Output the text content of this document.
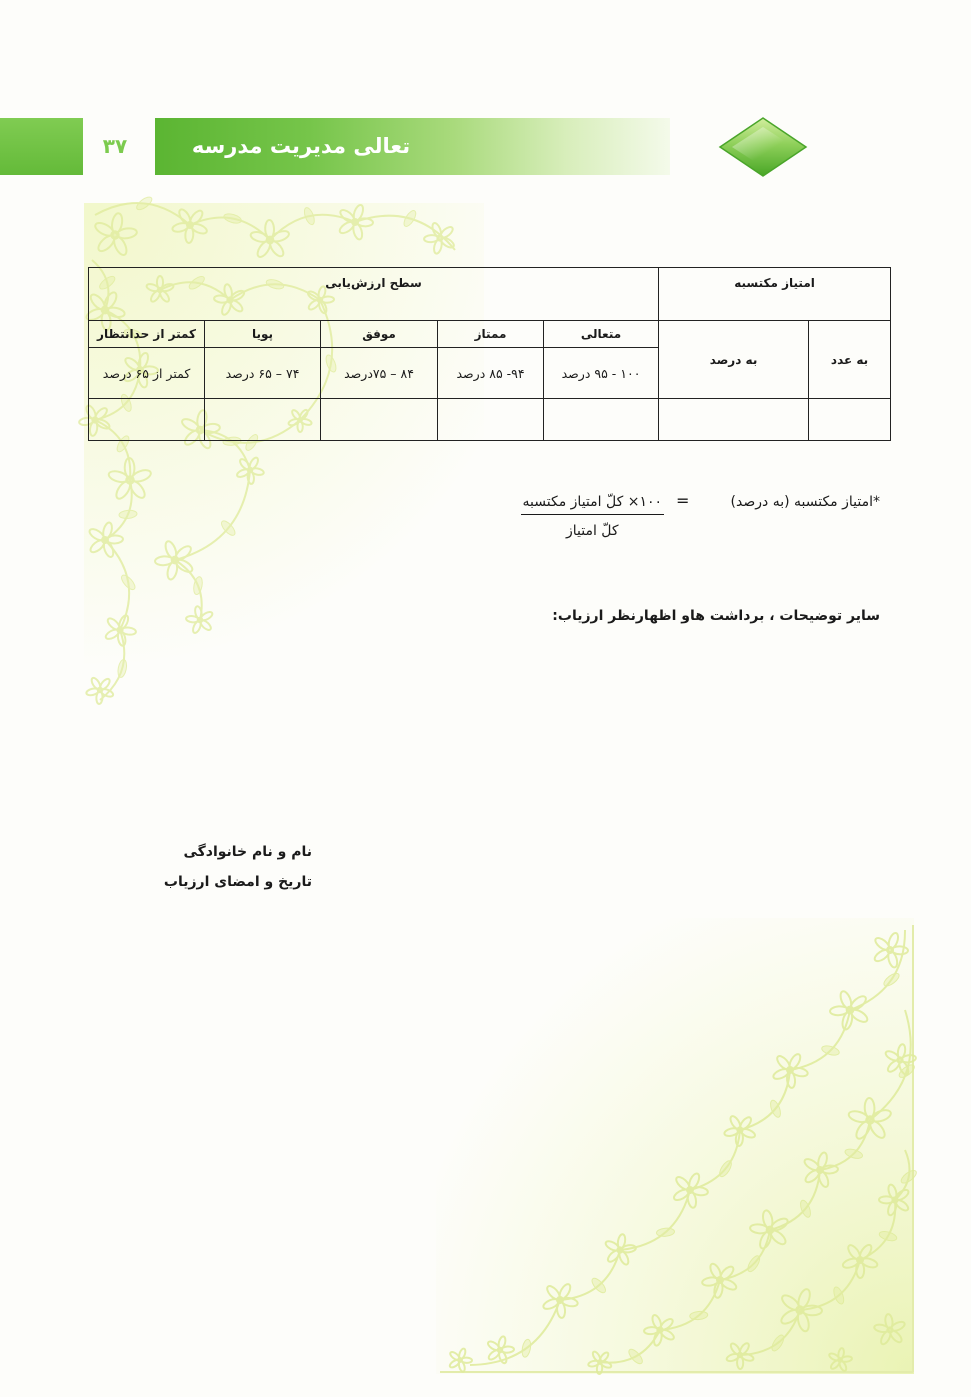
۳۷	تعالی مدیریت مدرسه
امتیاز مکتسبه		سطح ارزش‌یابی				
به عدد	به درصد	متعالی	ممتاز	موفق	پویا	کمتر از حدانتظار
		۱۰۰ - ۹۵ درصد	۹۴- ۸۵ درصد	۸۴ – ۷۵درصد	۷۴ – ۶۵ درصد	کمتر از ۶۵ درصد

*امتیاز مکتسبه (به درصد)
=
۱۰۰× کلّ امتیاز مکتسبه
کلّ امتیاز
سایر توضیحات ، برداشت هاو اظهارنظر ارزیاب:
نام و نام خانوادگی
تاریخ و امضای ارزیاب
